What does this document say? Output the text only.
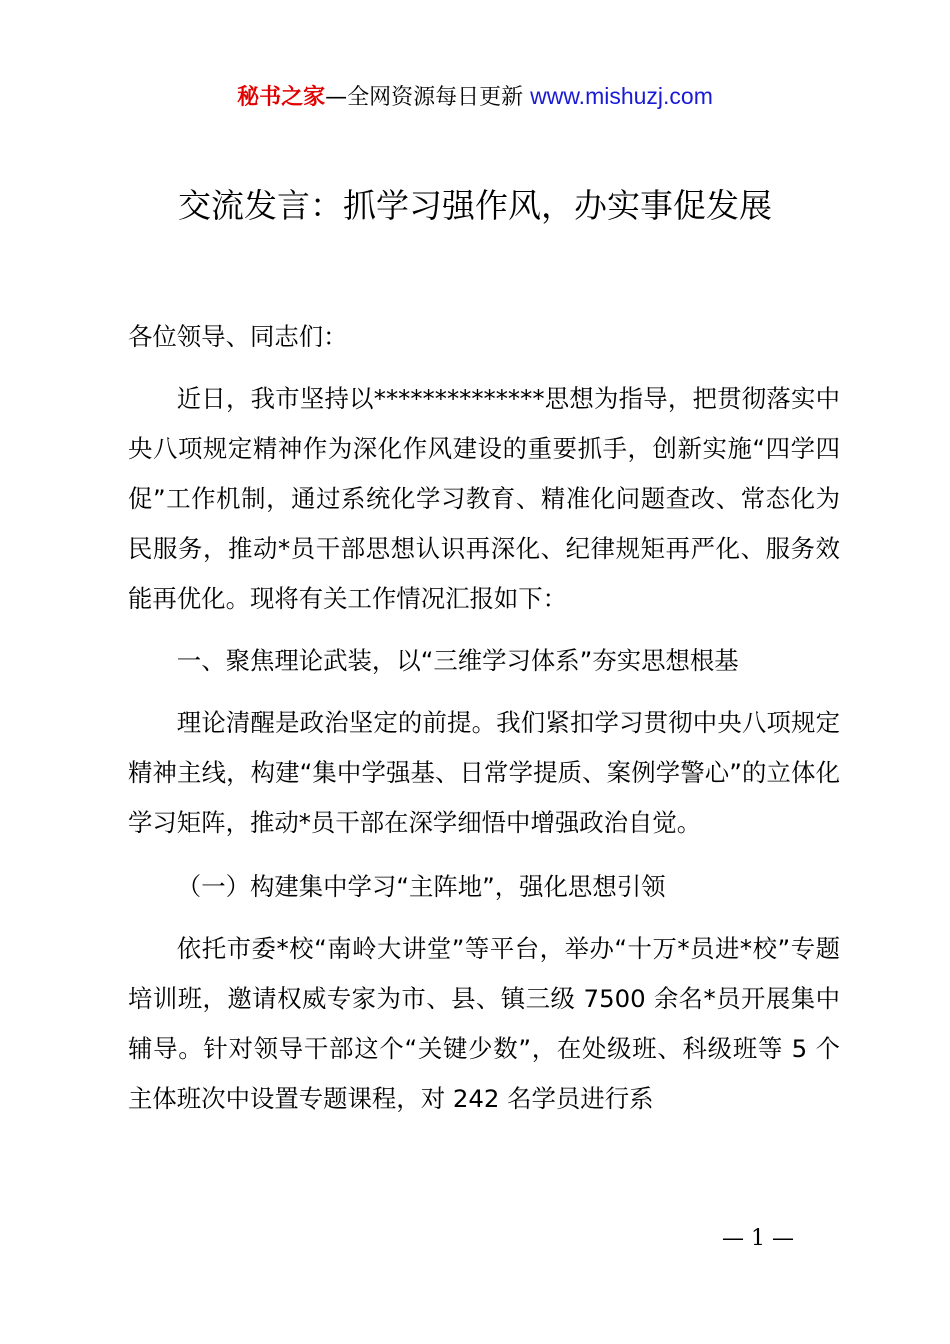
秘书之家—全网资源每日更新 www.mishuzj.com
交流发言：抓学习强作风，办实事促发展

各位领导、同志们：

近日，我市坚持以**************思想为指导，把贯彻落实中央八项规定精神作为深化作风建设的重要抓手，创新实施“四学四促”工作机制，通过系统化学习教育、精准化问题查改、常态化为民服务，推动*员干部思想认识再深化、纪律规矩再严化、服务效能再优化。现将有关工作情况汇报如下：

一、聚焦理论武装，以“三维学习体系”夯实思想根基

理论清醒是政治坚定的前提。我们紧扣学习贯彻中央八项规定精神主线，构建“集中学强基、日常学提质、案例学警心”的立体化学习矩阵，推动*员干部在深学细悟中增强政治自觉。

（一）构建集中学习“主阵地”，强化思想引领

依托市委*校“南岭大讲堂”等平台，举办“十万*员进*校”专题培训班，邀请权威专家为市、县、镇三级 7500 余名*员开展集中辅导。针对领导干部这个“关键少数”，在处级班、科级班等 5 个主体班次中设置专题课程，对 242 名学员进行系

— 1 —
